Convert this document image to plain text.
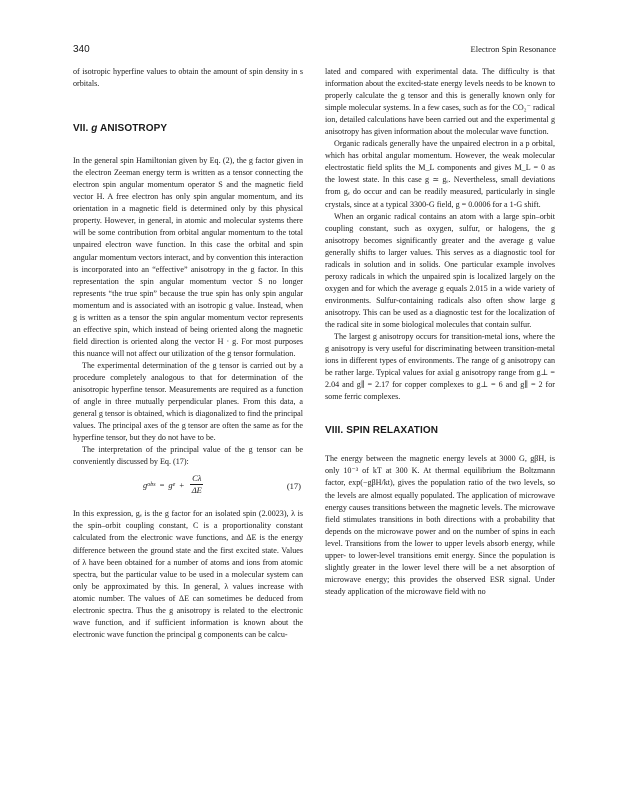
340	Electron Spin Resonance

of isotropic hyperfine values to obtain the amount of spin density in s orbitals.

VII. g ANISOTROPY

In the general spin Hamiltonian given by Eq. (2), the g factor given in the electron Zeeman energy term is written as a tensor connecting the electron spin angular momentum operator S and the magnetic field vector H. A free electron has only spin angular momentum, and its orientation in a magnetic field is determined only by this physical property. However, in general, in atomic and molecular systems there will be some contribution from orbital angular momentum to the total unpaired electron wave function. In this case the orbital and spin angular momentum vectors interact, and by convention this interaction is incorporated into an “effective” anisotropy in the g factor. In this representation the spin angular momentum vector S no longer represents “the true spin” because the true spin has only spin angular momentum and is associated with an isotropic g value. Instead, when g is written as a tensor the spin angular momentum vector represents an effective spin, which instead of being oriented along the magnetic field direction is oriented along the vector H · g. For most purposes this nuance will not affect our utilization of the g tensor formulation.

The experimental determination of the g tensor is carried out by a procedure completely analogous to that for determination of the anisotropic hyperfine tensor. Measurements are required as a function of angle in three mutually perpendicular planes. From this data, a general g tensor is obtained, which is diagonalized to find the principal values. The principal axes of the g tensor are often the same as for the hyperfine tensor, but they do not have to be.

The interpretation of the principal value of the g tensor can be conveniently discussed by Eq. (17):

g obs = g $e + \frac{C\lambda}{\Delta E}$	(17)

In this expression, gₑ is the g factor for an isolated spin (2.0023), λ is the spin–orbit coupling constant, C is a proportionality constant calculated from the electronic wave functions, and ΔE is the energy difference between the ground state and the first excited state. Values of λ have been obtained for a number of atoms and ions from atomic spectra, but the particular value to be used in a molecular system can only be approximated by this. In general, λ values increase with atomic number. The values of ΔE can sometimes be deduced from electronic spectra. Thus the g anisotropy is related to the electronic wave function, and if sufficient information is known about the electronic wave function the principal g components can be calcu-

lated and compared with experimental data. The difficulty is that information about the excited-state energy levels needs to be known to properly calculate the g tensor and this is generally known only for simple molecular systems. In a few cases, such as for the CO₂⁻ radical ion, detailed calculations have been carried out and the experimental g anisotropy has given information about the molecular wave function.

Organic radicals generally have the unpaired electron in a p orbital, which has orbital angular momentum. However, the weak molecular electrostatic field splits the M_L components and gives M_L = 0 as the lowest state. In this case g ≃ gₑ. Nevertheless, small deviations from gₑ do occur and can be readily measured, particularly in single crystals, since at a typical 3300-G field, g = 0.0006 for a 1-G shift.

When an organic radical contains an atom with a large spin–orbit coupling constant, such as oxygen, sulfur, or halogens, the g anisotropy becomes significantly greater and the average g value generally shifts to larger values. This serves as a diagnostic tool for radicals in solution and in solids. One particular example involves peroxy radicals in which the unpaired spin is localized largely on the oxygen and for which the average g equals 2.015 in a wide variety of environments. Sulfur-containing radicals also often show large g anisotropy. This can be used as a diagnostic test for the localization of the radical site in some biological molecules that contain sulfur.

The largest g anisotropy occurs for transition-metal ions, where the g anisotropy is very useful for discriminating between transition-metal ions in different types of environments. The range of g anisotropy can be rather large. Typical values for axial g anisotropy range from g⊥ = 2.04 and g∥ = 2.17 for copper complexes to g⊥ = 6 and g∥ = 2 for some ferric complexes.

VIII. SPIN RELAXATION

The energy between the magnetic energy levels at 3000 G, gβH, is only 10⁻³ of kT at 300 K. At thermal equilibrium the Boltzmann factor, exp(−gβH/kt), gives the population ratio of the two levels, so the levels are almost equally populated. The application of microwave energy causes transitions between the magnetic levels. The microwave field stimulates transitions in both directions with a probability that depends on the microwave power and on the number of spins in each level. Transitions from the lower to upper levels absorb energy, while upper- to lower-level transitions emit energy. Since the population is slightly greater in the lower level there will be a net absorption of microwave energy; this provides the observed ESR signal. Under steady application of the microwave field with no
